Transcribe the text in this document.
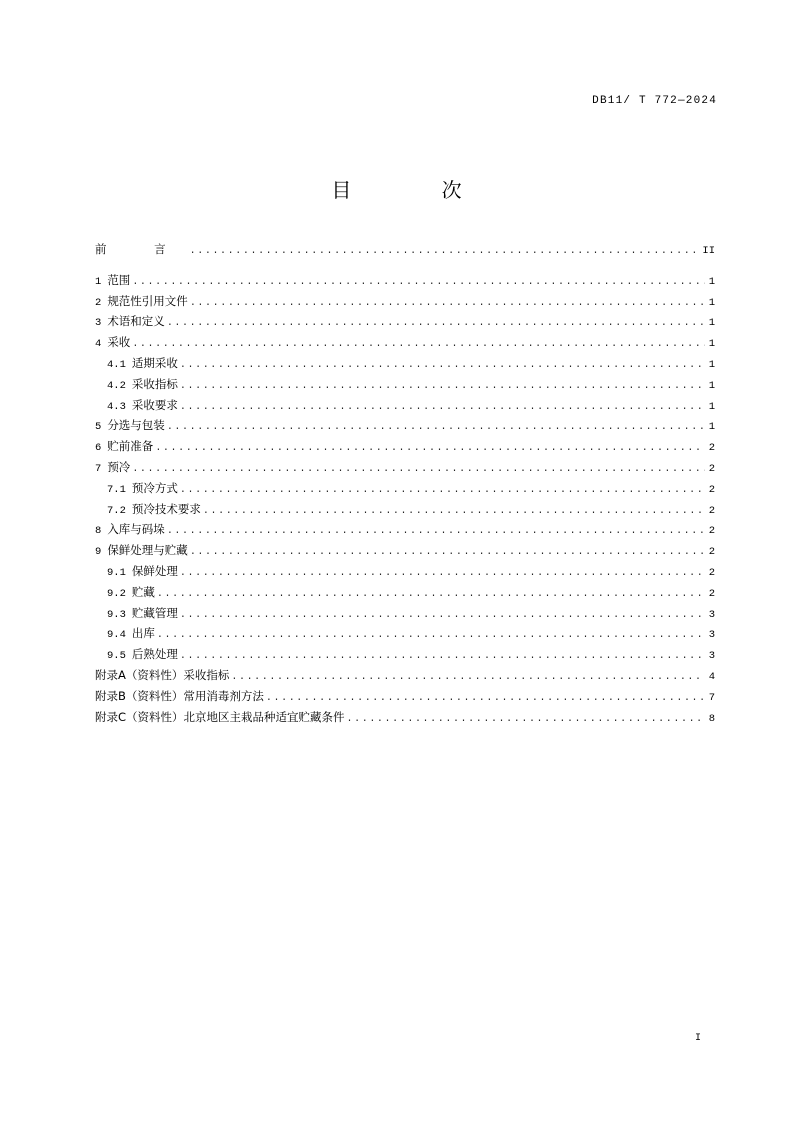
DB11/ T 772—2024
目 次
前 言 .....	II
1 范围 .....	1
2 规范性引用文件 .....	1
3 术语和定义 .....	1
4 采收 .....	1
4.1 适期采收 .....	1
4.2 采收指标 .....	1
4.3 采收要求 .....	1
5 分选与包装 .....	1
6 贮前准备 .....	2
7 预冷 .....	2
7.1 预冷方式 .....	2
7.2 预冷技术要求 .....	2
8 入库与码垛 .....	2
9 保鲜处理与贮藏 .....	2
9.1 保鲜处理 .....	2
9.2 贮藏 .....	2
9.3 贮藏管理 .....	3
9.4 出库 .....	3
9.5 后熟处理 .....	3
附录A（资料性）采收指标 .....	4
附录B（资料性）常用消毒剂方法 .....	7
附录C（资料性）北京地区主栽品种适宜贮藏条件 .....	8
I
